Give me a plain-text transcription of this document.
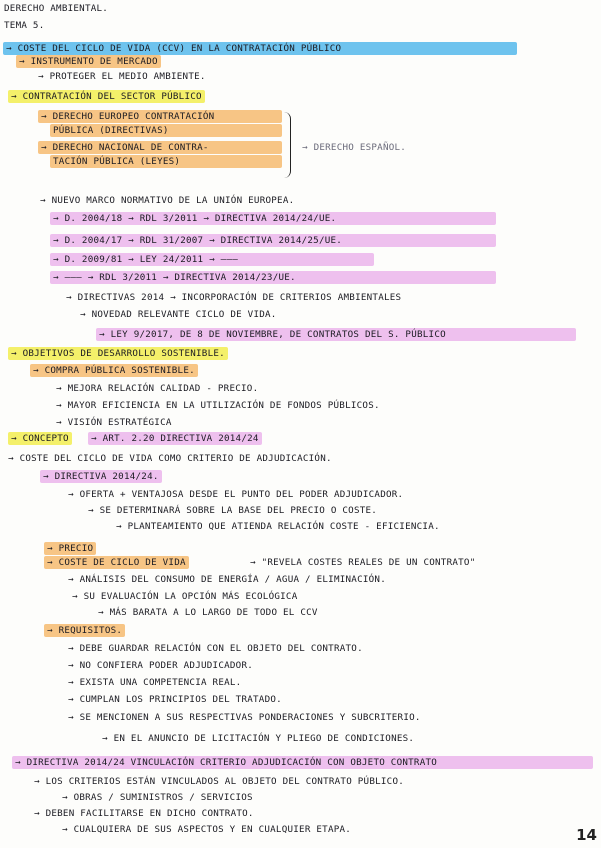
DERECHO AMBIENTAL.
TEMA 5.
→ COSTE DEL CICLO DE VIDA (CCV) EN LA CONTRATACIÓN PÚBLICO
→ INSTRUMENTO DE MERCADO
→ PROTEGER EL MEDIO AMBIENTE.
→ CONTRATACIÓN DEL SECTOR PÚBLICO
→ DERECHO EUROPEO CONTRATACIÓN
PÚBLICA (DIRECTIVAS)
→ DERECHO NACIONAL DE CONTRA-
TACIÓN PÚBLICA (LEYES)
→ DERECHO ESPAÑOL.
→ NUEVO MARCO NORMATIVO DE LA UNIÓN EUROPEA.
→ D. 2004/18 → RDL 3/2011 → DIRECTIVA 2014/24/UE.
→ D. 2004/17 → RDL 31/2007 → DIRECTIVA 2014/25/UE.
→ D. 2009/81 → LEY 24/2011 → ———
→ ——— → RDL 3/2011 → DIRECTIVA 2014/23/UE.
→ DIRECTIVAS 2014 → INCORPORACIÓN DE CRITERIOS AMBIENTALES
→ NOVEDAD RELEVANTE CICLO DE VIDA.
→ LEY 9/2017, DE 8 DE NOVIEMBRE, DE CONTRATOS DEL S. PÚBLICO
→ OBJETIVOS DE DESARROLLO SOSTENIBLE.
→ COMPRA PÚBLICA SOSTENIBLE.
→ MEJORA RELACIÓN CALIDAD - PRECIO.
→ MAYOR EFICIENCIA EN LA UTILIZACIÓN DE FONDOS PÚBLICOS.
→ VISIÓN ESTRATÉGICA
→ CONCEPTO	→ ART. 2.20 DIRECTIVA 2014/24
→ COSTE DEL CICLO DE VIDA COMO CRITERIO DE ADJUDICACIÓN.
→ DIRECTIVA 2014/24.
→ OFERTA + VENTAJOSA DESDE EL PUNTO DEL PODER ADJUDICADOR.
→ SE DETERMINARÁ SOBRE LA BASE DEL PRECIO O COSTE.
→ PLANTEAMIENTO QUE ATIENDA RELACIÓN COSTE - EFICIENCIA.
→ PRECIO
→ COSTE DE CICLO DE VIDA	→ "REVELA COSTES REALES DE UN CONTRATO"
→ ANÁLISIS DEL CONSUMO DE ENERGÍA / AGUA / ELIMINACIÓN.
→ SU EVALUACIÓN LA OPCIÓN MÁS ECOLÓGICA
→ MÁS BARATA A LO LARGO DE TODO EL CCV
→ REQUISITOS.
→ DEBE GUARDAR RELACIÓN CON EL OBJETO DEL CONTRATO.
→ NO CONFIERA PODER ADJUDICADOR.
→ EXISTA UNA COMPETENCIA REAL.
→ CUMPLAN LOS PRINCIPIOS DEL TRATADO.
→ SE MENCIONEN A SUS RESPECTIVAS PONDERACIONES Y SUBCRITERIO.
→ EN EL ANUNCIO DE LICITACIÓN Y PLIEGO DE CONDICIONES.
→ DIRECTIVA 2014/24 VINCULACIÓN CRITERIO ADJUDICACIÓN CON OBJETO CONTRATO
→ LOS CRITERIOS ESTÁN VINCULADOS AL OBJETO DEL CONTRATO PÚBLICO.
→ OBRAS / SUMINISTROS / SERVICIOS
→ DEBEN FACILITARSE EN DICHO CONTRATO.
→ CUALQUIERA DE SUS ASPECTOS Y EN CUALQUIER ETAPA.	14
